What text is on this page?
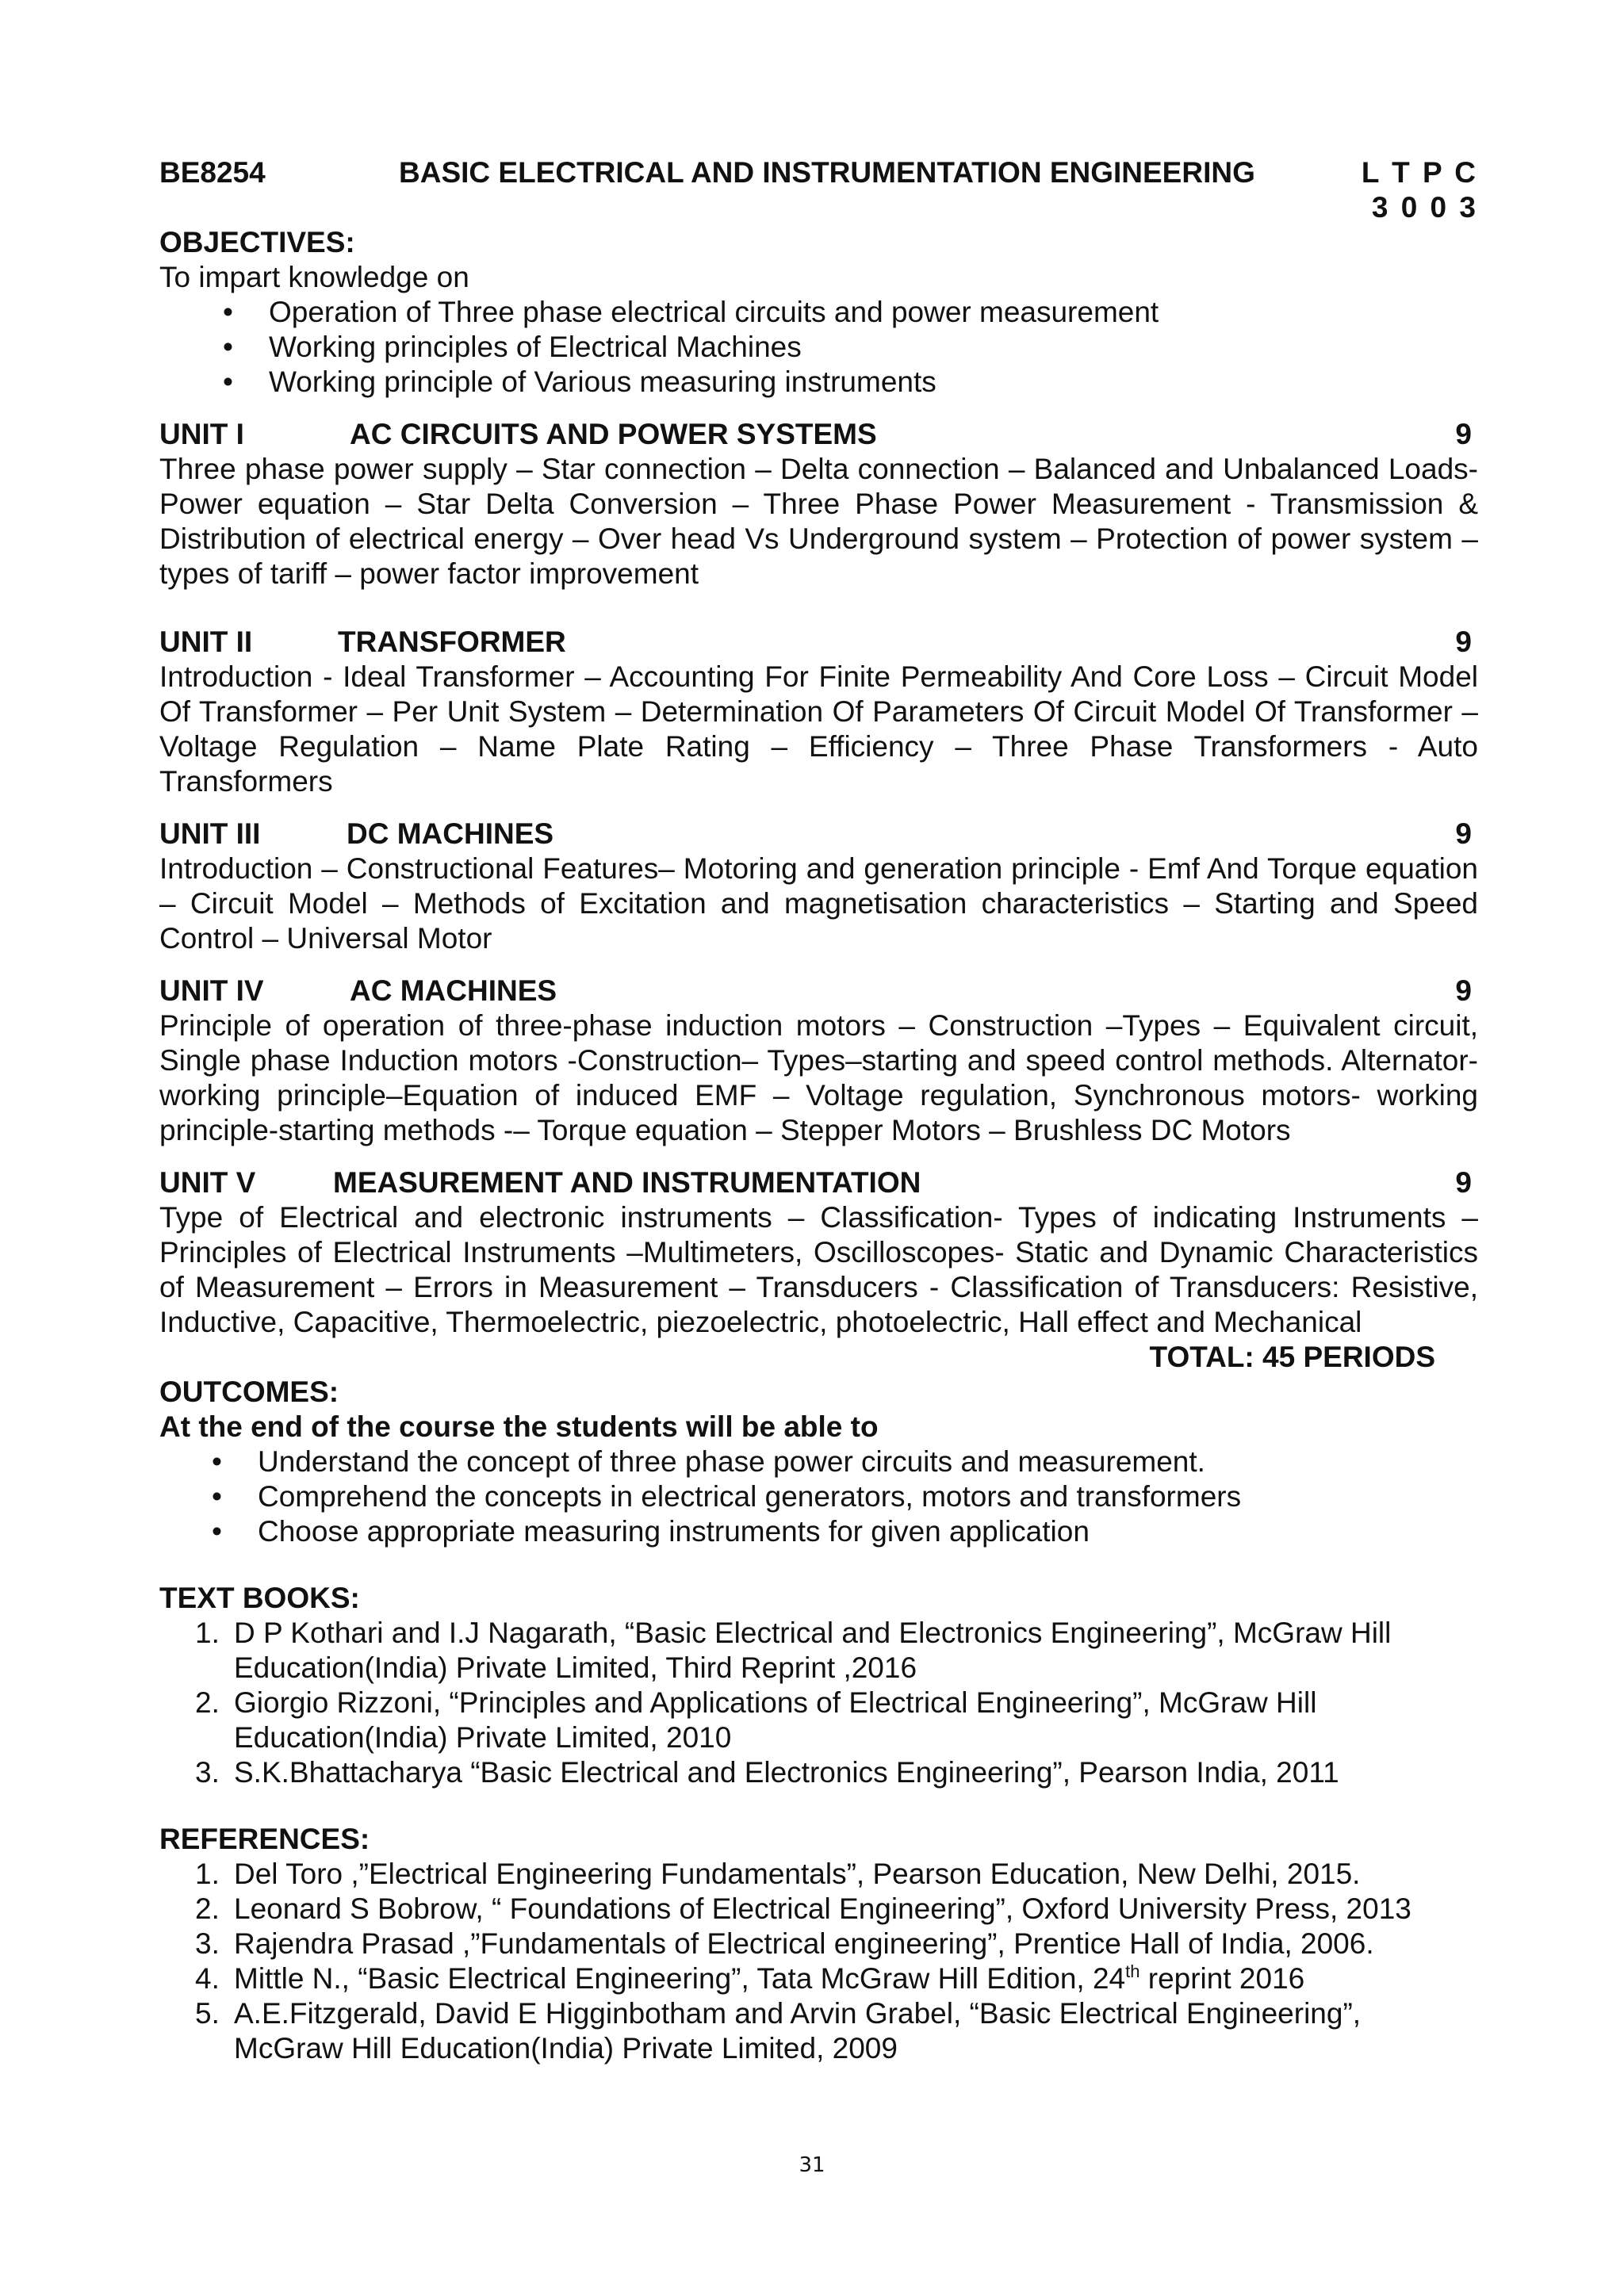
BE8254	BASIC ELECTRICAL AND INSTRUMENTATION ENGINEERING	L T P C
3 0 0 3
OBJECTIVES:
To impart knowledge on
• Operation of Three phase electrical circuits and power measurement
• Working principles of Electrical Machines
• Working principle of Various measuring instruments
UNIT I	AC CIRCUITS AND POWER SYSTEMS	9

Three phase power supply – Star connection – Delta connection – Balanced and Unbalanced Loads- Power equation – Star Delta Conversion – Three Phase Power Measurement - Transmission & Distribution of electrical energy – Over head Vs Underground system – Protection of power system – types of tariff – power factor improvement

UNIT II	TRANSFORMER	9

Introduction - Ideal Transformer – Accounting For Finite Permeability And Core Loss – Circuit Model Of Transformer – Per Unit System – Determination Of Parameters Of Circuit Model Of Transformer – Voltage Regulation – Name Plate Rating – Efficiency – Three Phase Transformers - Auto Transformers

UNIT III	DC MACHINES	9

Introduction – Constructional Features– Motoring and generation principle - Emf And Torque equation – Circuit Model – Methods of Excitation and magnetisation characteristics – Starting and Speed Control – Universal Motor

UNIT IV	AC MACHINES	9

Principle of operation of three-phase induction motors – Construction –Types – Equivalent circuit, Single phase Induction motors -Construction– Types–starting and speed control methods. Alternator- working principle–Equation of induced EMF – Voltage regulation, Synchronous motors- working principle-starting methods -– Torque equation – Stepper Motors – Brushless DC Motors

UNIT V	MEASUREMENT AND INSTRUMENTATION	9

Type of Electrical and electronic instruments – Classification- Types of indicating Instruments – Principles of Electrical Instruments –Multimeters, Oscilloscopes- Static and Dynamic Characteristics of Measurement – Errors in Measurement – Transducers - Classification of Transducers: Resistive, Inductive, Capacitive, Thermoelectric, piezoelectric, photoelectric, Hall effect and Mechanical

TOTAL: 45 PERIODS
OUTCOMES:
At the end of the course the students will be able to
• Understand the concept of three phase power circuits and measurement.
• Comprehend the concepts in electrical generators, motors and transformers
• Choose appropriate measuring instruments for given application
TEXT BOOKS:
1. D P Kothari and I.J Nagarath, “Basic Electrical and Electronics Engineering”, McGraw Hill Education(India) Private Limited, Third Reprint ,2016
2. Giorgio Rizzoni, “Principles and Applications of Electrical Engineering”, McGraw Hill Education(India) Private Limited, 2010
3. S.K.Bhattacharya “Basic Electrical and Electronics Engineering”, Pearson India, 2011
REFERENCES:
1. Del Toro ,”Electrical Engineering Fundamentals”, Pearson Education, New Delhi, 2015.
2. Leonard S Bobrow, “ Foundations of Electrical Engineering”, Oxford University Press, 2013
3. Rajendra Prasad ,”Fundamentals of Electrical engineering”, Prentice Hall of India, 2006.
4. Mittle N., “Basic Electrical Engineering”, Tata McGraw Hill Edition, 24th reprint 2016
5. A.E.Fitzgerald, David E Higginbotham and Arvin Grabel, “Basic Electrical Engineering”, McGraw Hill Education(India) Private Limited, 2009
31
